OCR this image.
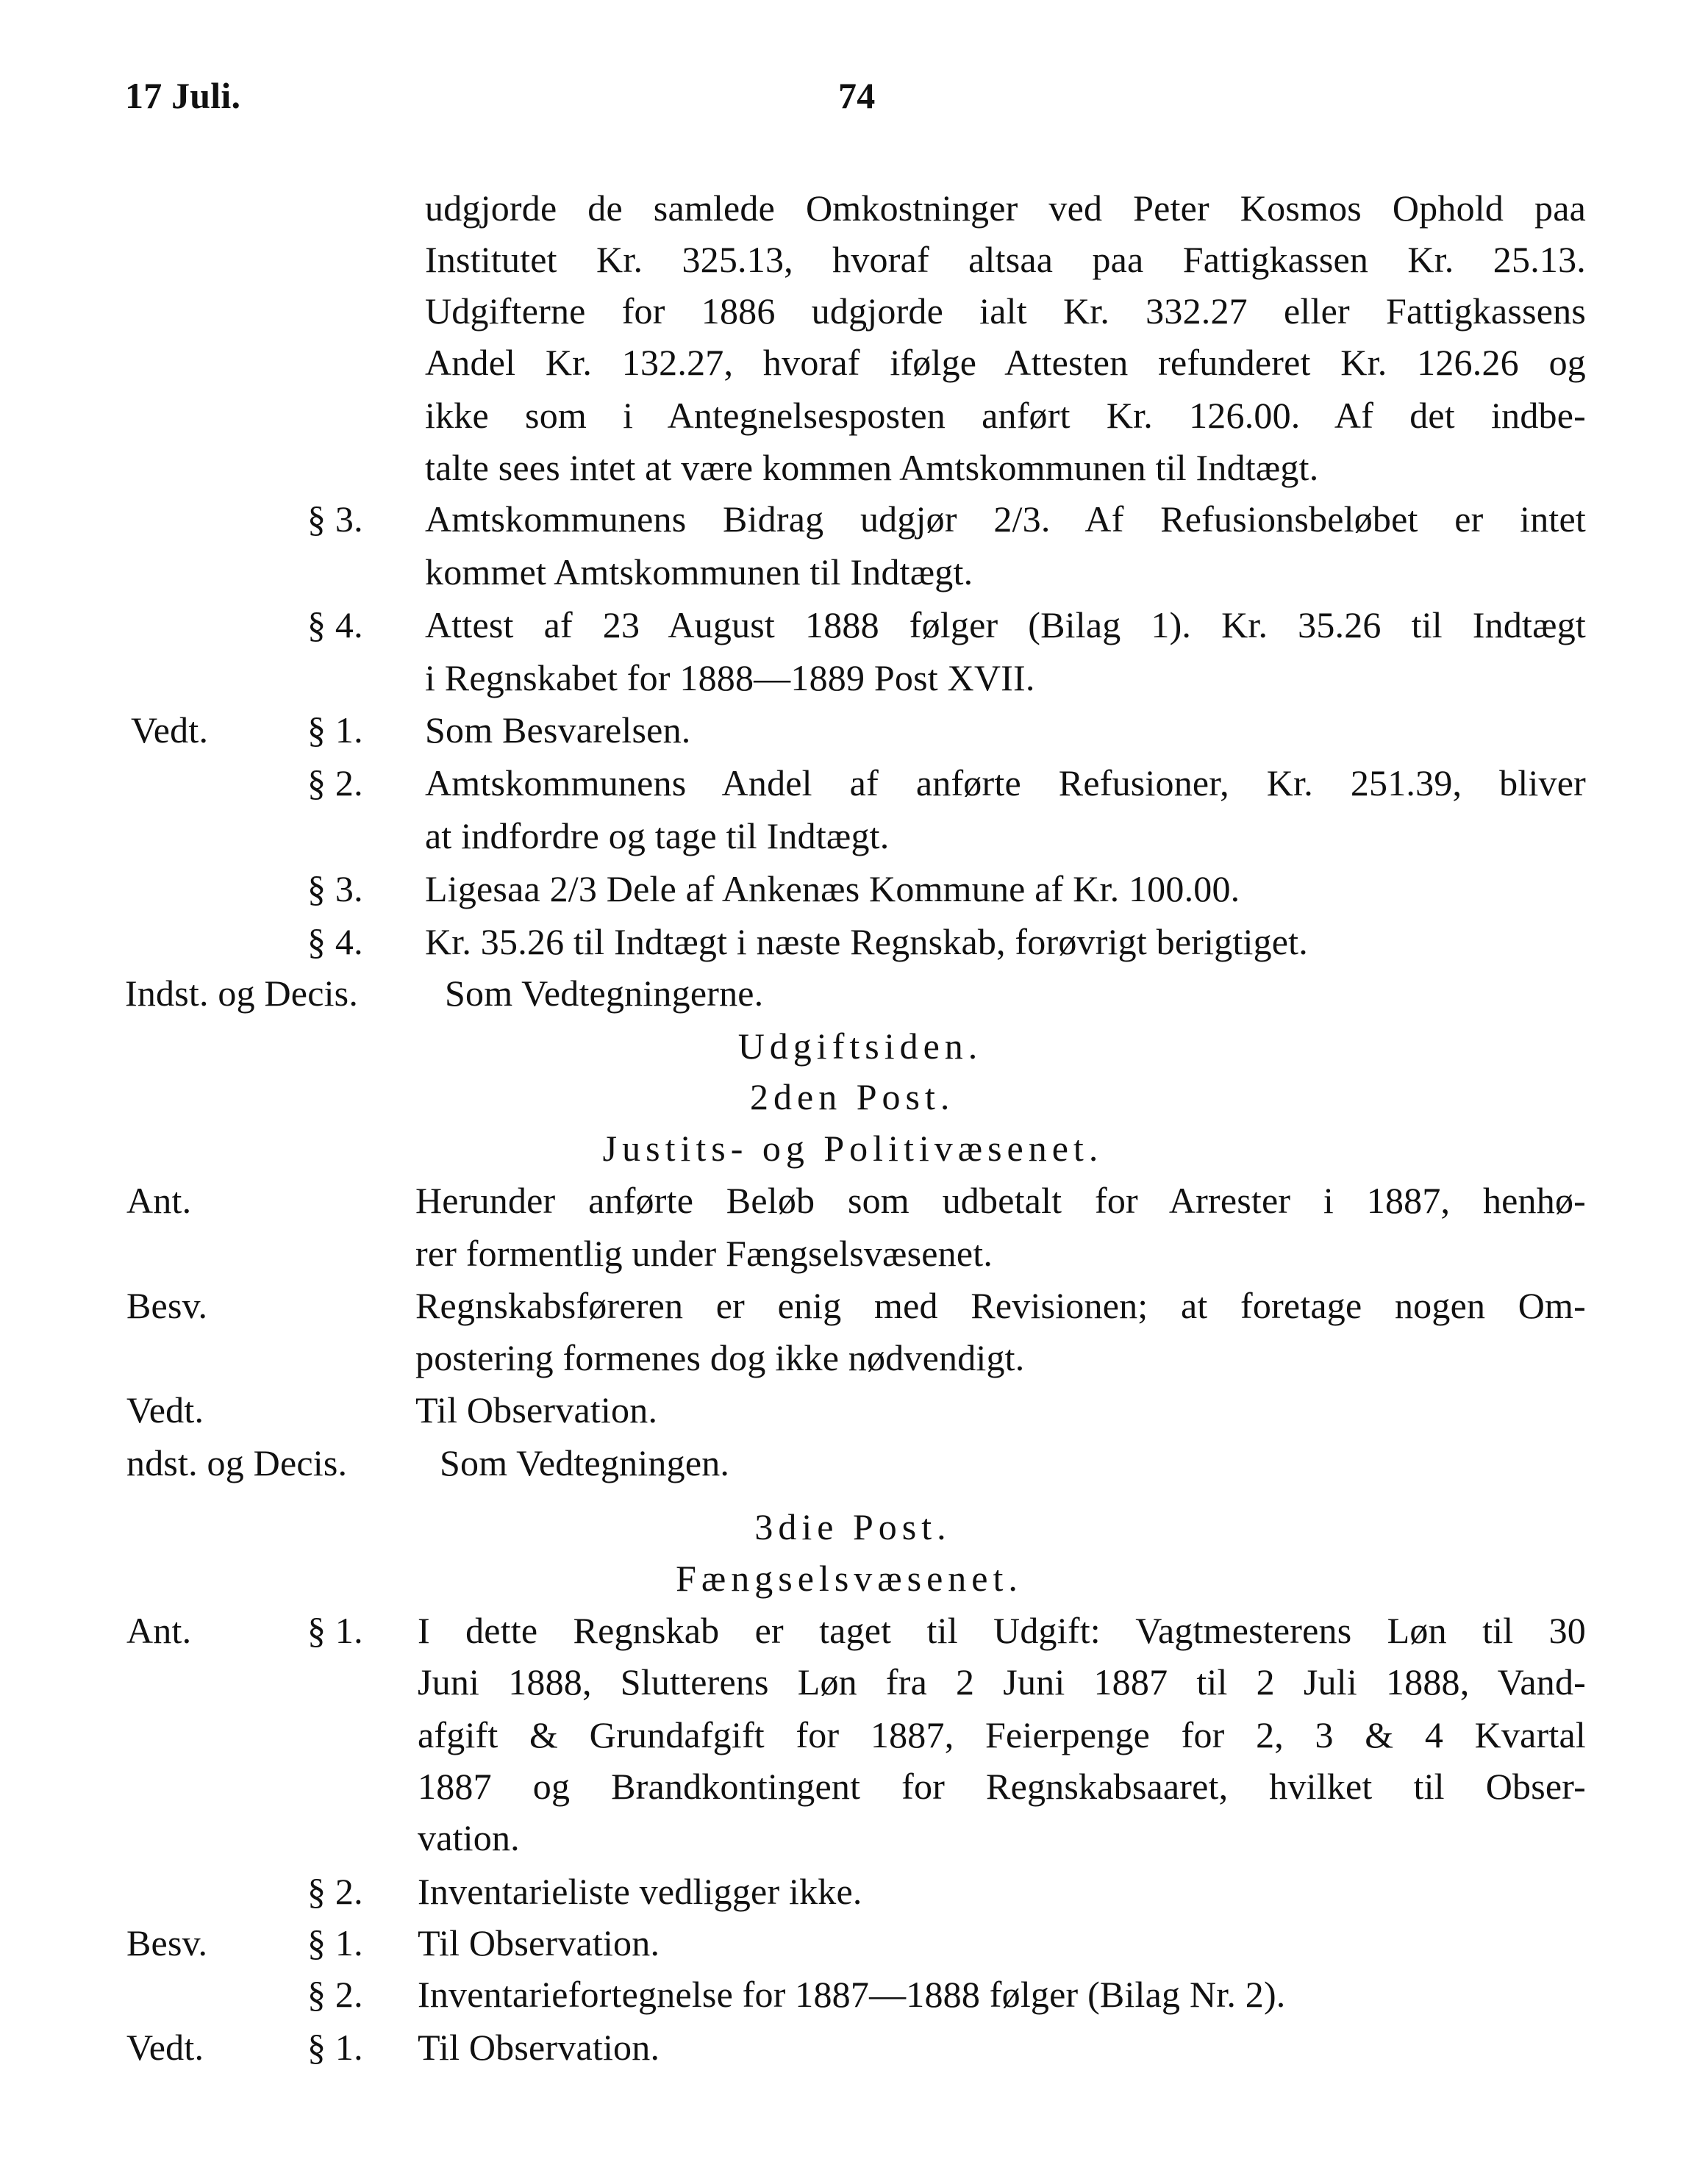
17 Juli.	74
udgjorde de samlede Omkostninger ved Peter Kosmos Ophold paa
Institutet Kr. 325.13, hvoraf altsaa paa Fattigkassen Kr. 25.13.
Udgifterne for 1886 udgjorde ialt Kr. 332.27 eller Fattigkassens
Andel Kr. 132.27, hvoraf ifølge Attesten refunderet Kr. 126.26 og
ikke som i Antegnelsesposten anført Kr. 126.00. Af det indbe-
talte sees intet at være kommen Amtskommunen til Indtægt.
§ 3. Amtskommunens Bidrag udgjør 2/3. Af Refusionsbeløbet er intet
kommet Amtskommunen til Indtægt.
§ 4. Attest af 23 August 1888 følger (Bilag 1). Kr. 35.26 til Indtægt
i Regnskabet for 1888—1889 Post XVII.
Vedt.	§ 1. Som Besvarelsen.
§ 2. Amtskommunens Andel af anførte Refusioner, Kr. 251.39, bliver
at indfordre og tage til Indtægt.
§ 3. Ligesaa 2/3 Dele af Ankenæs Kommune af Kr. 100.00.
§ 4. Kr. 35.26 til Indtægt i næste Regnskab, forøvrigt berigtiget.
Indst. og Decis. Som Vedtegningerne.
Udgiftsiden.
2den Post.
Justits- og Politivæsenet.
Ant.	Herunder anførte Beløb som udbetalt for Arrester i 1887, henhø-
rer formentlig under Fængselsvæsenet.
Besv.	Regnskabsføreren er enig med Revisionen; at foretage nogen Om-
postering formenes dog ikke nødvendigt.
Vedt.	Til Observation.
ndst. og Decis.	Som Vedtegningen.
3die Post.
Fængselsvæsenet.
Ant.	§ 1. I dette Regnskab er taget til Udgift: Vagtmesterens Løn til 30
Juni 1888, Slutterens Løn fra 2 Juni 1887 til 2 Juli 1888, Vand-
afgift & Grundafgift for 1887, Feierpenge for 2, 3 & 4 Kvartal
1887 og Brandkontingent for Regnskabsaaret, hvilket til Obser-
vation.
§ 2. Inventarieliste vedligger ikke.
Besv.	§ 1. Til Observation.
§ 2. Inventariefortegnelse for 1887—1888 følger (Bilag Nr. 2).
Vedt.	§ 1. Til Observation.
